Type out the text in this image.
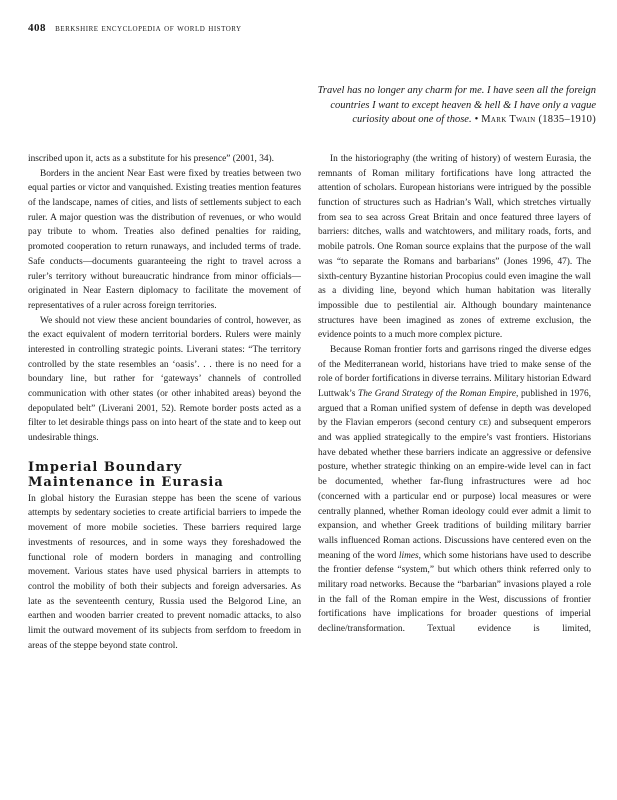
408 berkshire encyclopedia of world history
Travel has no longer any charm for me. I have seen all the foreign
countries I want to except heaven & hell & I have only a vague
curiosity about one of those. • Mark Twain (1835–1910)

inscribed upon it, acts as a substitute for his presence” (2001, 34).

Borders in the ancient Near East were fixed by treaties between two equal parties or victor and vanquished. Existing treaties mention features of the landscape, names of cities, and lists of settlements subject to each ruler. A major question was the distribution of revenues, or who would pay tribute to whom. Treaties also defined penalties for raiding, promoted cooperation to return runaways, and included terms of trade. Safe conducts—documents guaranteeing the right to travel across a ruler’s territory without bureaucratic hindrance from minor officials—originated in Near Eastern diplomacy to facilitate the movement of representatives of a ruler across foreign territories.

We should not view these ancient boundaries of control, however, as the exact equivalent of modern territorial borders. Rulers were mainly interested in controlling strategic points. Liverani states: “The territory controlled by the state resembles an ‘oasis’. . . there is no need for a boundary line, but rather for ‘gateways’ channels of controlled communication with other states (or other inhabited areas) beyond the depopulated belt” (Liverani 2001, 52). Remote border posts acted as a filter to let desirable things pass on into heart of the state and to keep out undesirable things.

Imperial Boundary
Maintenance in Eurasia

In global history the Eurasian steppe has been the scene of various attempts by sedentary societies to create artificial barriers to impede the movement of more mobile societies. These barriers required large investments of resources, and in some ways they foreshadowed the functional role of modern borders in managing and controlling movement. Various states have used physical barriers in attempts to control the mobility of both their subjects and foreign adversaries. As late as the seventeenth century, Russia used the Belgorod Line, an earthen and wooden barrier created to prevent nomadic attacks, to also limit the outward movement of its subjects from serfdom to freedom in areas of the steppe beyond state control.

In the historiography (the writing of history) of western Eurasia, the remnants of Roman military fortifications have long attracted the attention of scholars. European historians were intrigued by the possible function of structures such as Hadrian’s Wall, which stretches virtually from sea to sea across Great Britain and once featured three layers of barriers: ditches, walls and watchtowers, and military roads, forts, and mobile patrols. One Roman source explains that the purpose of the wall was “to separate the Romans and barbarians” (Jones 1996, 47). The sixth-century Byzantine historian Procopius could even imagine the wall as a dividing line, beyond which human habitation was literally impossible due to pestilential air. Although boundary maintenance structures have been imagined as zones of extreme exclusion, the evidence points to a much more complex picture.

Because Roman frontier forts and garrisons ringed the diverse edges of the Mediterranean world, historians have tried to make sense of the role of border fortifications in diverse terrains. Military historian Edward Luttwak’s The Grand Strategy of the Roman Empire, published in 1976, argued that a Roman unified system of defense in depth was developed by the Flavian emperors (second century ce) and subsequent emperors and was applied strategically to the empire’s vast frontiers. Historians have debated whether these barriers indicate an aggressive or defensive posture, whether strategic thinking on an empire-wide level can in fact be documented, whether far-flung infrastructures were ad hoc (concerned with a particular end or purpose) local measures or were centrally planned, whether Roman ideology could ever admit a limit to expansion, and whether Greek traditions of building military barrier walls influenced Roman actions. Discussions have centered even on the meaning of the word limes, which some historians have used to describe the frontier defense “system,” but which others think referred only to military road networks. Because the “barbarian” invasions played a role in the fall of the Roman empire in the West, discussions of frontier fortifications have implications for broader questions of imperial decline/transformation. Textual evidence is limited,
